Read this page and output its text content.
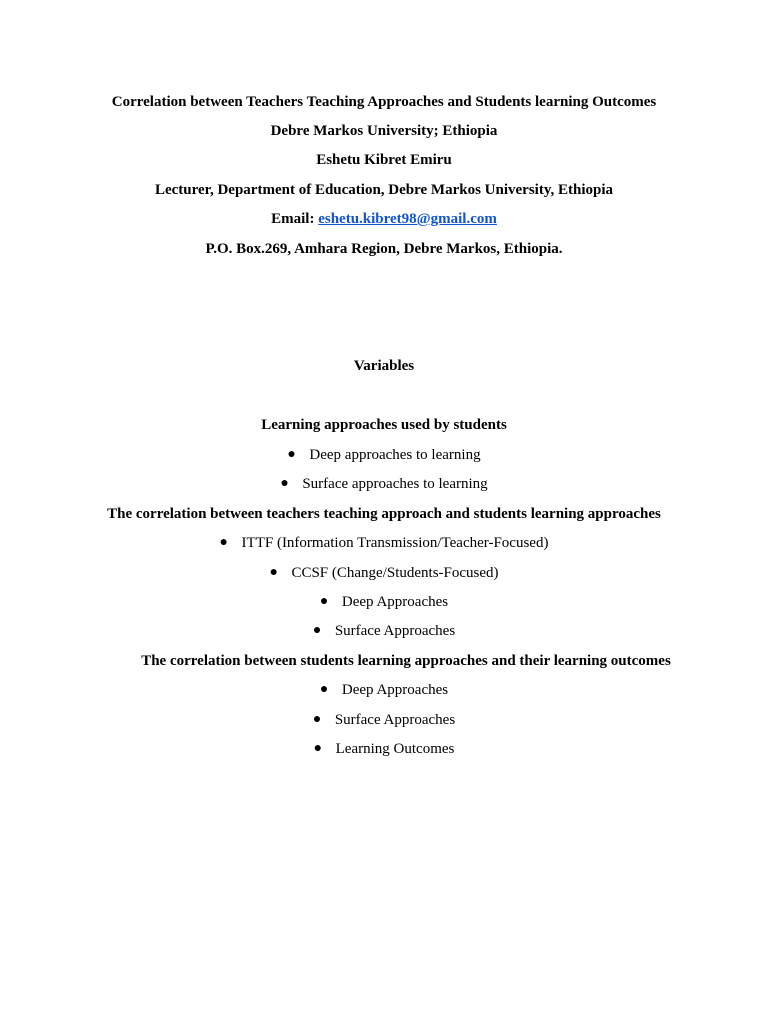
Correlation between Teachers Teaching Approaches and Students learning Outcomes
Debre Markos University; Ethiopia
Eshetu Kibret Emiru
Lecturer, Department of Education, Debre Markos University, Ethiopia
Email: eshetu.kibret98@gmail.com
P.O. Box.269, Amhara Region, Debre Markos, Ethiopia.
Variables
Learning approaches used by students
● Deep approaches to learning
● Surface approaches to learning
The correlation between teachers teaching approach and students learning approaches
● ITTF (Information Transmission/Teacher-Focused)
● CCSF (Change/Students-Focused)
● Deep Approaches
● Surface Approaches
The correlation between students learning approaches and their learning outcomes
● Deep Approaches
● Surface Approaches
● Learning Outcomes
